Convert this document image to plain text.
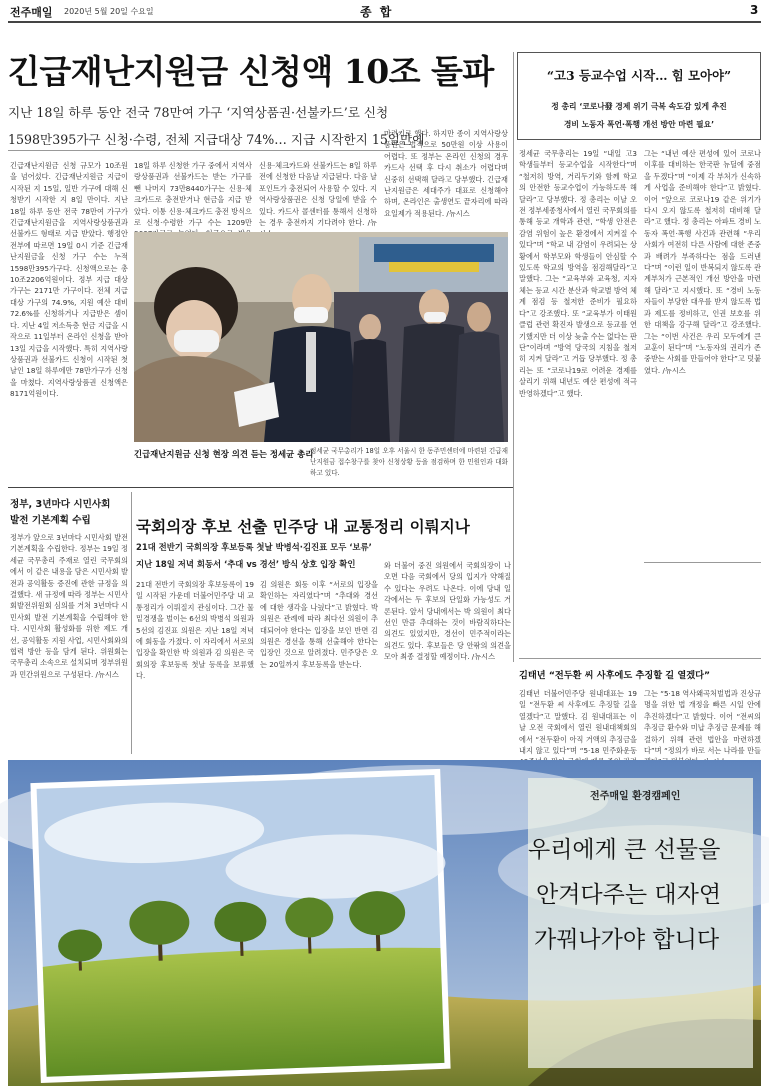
전주매일 2020년 5월 20일 수요일	종 합	3
긴급재난지원금 신청액 10조 돌파
지난 18일 하루 동안 전국 78만여 가구 ‘지역상품권·선불카드’로 신청
1598만395가구 신청·수령, 전체 지급대상 74%… 지급 시작한지 15일만에
긴급재난지원금 신청 규모가 10조원을 넘어섰다. 긴급재난지원금 지급이 시작된 지 15일, 일반 가구에 대해 신청받기 시작한 지 8일 만이다. 지난 18일 하루 동안 전국 78만여 가구가 긴급재난지원금을 지역사랑상품권과 선불카드 형태로 지급 받았다. 행정안전부에 따르면 19일 0시 기준 긴급재난지원금을 신청 가구 수는 누적 1598만395가구다. 신청액으로는 총 10조2206억원이다. 정부 지급 대상 가구는 2171만 가구이다. 전체 지급 대상 가구의 74.9%, 지원 예산 대비 72.6%를 신청하거나 지급받은 셈이다. 지난 4일 저소득층 현금 지급을 시작으로 11일부터 온라인 신청을 받아 13일 지급을 시작했다. 특히 지역사랑상품권과 선불카드 신청이 시작된 첫 날인 18일 하루에만 78만가구가 신청을 마쳤다. 지역사랑상품권 신청액은 8171억원이다.
18일 하루 신청한 가구 중에서 지역사랑상품권과 선불카드는 받는 가구를 뺀 나머지 73만8440가구는 신용·체크카드로 충전받거나 현금을 지급 받았다. 이통 신용·체크카드 충전 방식으로 신청·수령한 가구 수는 1209만
신용·체크카드와 선불카드는 8일 하루 전에 신청한 다음날 지급된다. 다음 날 포인트가 충전되어 사용할 수 있다. 지역사랑상품권은 신청 당일에 받을 수 있다. 카드사 콜센터를 통해서 신청하는 경우 충전까지 기다려야 한다. /뉴
마련키로 했다. 하지만 종이 지역사랑상품권은 법적으로 50만원 이상 사용이 어렵다. 또 정부는 온라인 신청의 경우 카드사 선택 후 다시 취소가 어렵다며 신중히 선택해 달라고 당부했다. 긴급재난지원금은 세대주가 대표로 신청해야 하며, 온라인은 출생연도 끝자리에 따라 요일제가 적용된다. /뉴시스
긴급재난지원금 신청 현장 의견 듣는 정세균 총리
정세균 국무총리가 18일 오후 서울시 한 동주민센터에 마련된 긴급재난지원금 접수창구를 찾아 신청상황 등을 점검하며 한 민원인과 대화하고 있다.
“고3 등교수업 시작… 힘 모아야”
정 총리 ‘코로나發 경제 위기 극복 속도감 있게 추진
경비 노동자 폭언·폭행 개선 방안 마련 필요’
정세균 국무총리는 19일 “내일 고3 학생들부터 등교수업을 시작한다”며 “철저히 방역, 거리두기와 함께 학교의 안전한 등교수업이 가능하도록 해달라”고 당부했다. 정 총리는 이날 오전 정부세종청사에서 열린 국무회의를 통해 등교 개학과 관련, “학생 안전은 감염 위험이 높은 환경에서 지켜질 수 있다”며 “학교 내 감염이 우려되는 상황에서 학부모와 학생들이 안심할 수 있도록 학교의 방역을 점검해달라”고 말했다. 그는 “교육부와 교육청, 지자체는 등교 시간 분산과 학교별 방역 체계 점검 등 철저한 준비가 필요하다”고 강조했다. 또 “교육부가 이태원 클럽 관련 확진자 발생으로 등교를 연기했지만 더 이상 늦출 수는 없다는 판단”이라며 “방역 당국의 지침을 철저히 지켜 달라”고 거듭 당부했다. 정 총리는 또 “코로나19로 어려운 경제를 살리기 위해 내년도 예산 편성에 적극 반영하겠다”고 했다.
그는 “내년 예산 편성에 있어 코로나 이후를 대비하는 한국판 뉴딜에 중점을 두겠다”며 “이제 각 부처가 신속하게 사업을 준비해야 한다”고 밝혔다. 이어 “앞으로 코로나19 같은 위기가 다시 오지 않도록 철저히 대비해 달라”고 했다. 정 총리는 아파트 경비 노동자 폭언·폭행 사건과 관련해 “우리 사회가 여전히 다른 사람에 대한 존중과 배려가 부족하다는 점을 드러낸다”며 “이런 일이 반복되지 않도록 관계부처가 근본적인 개선 방안을 마련해 달라”고 지시했다. 또 “경비 노동자들이 부당한 대우를 받지 않도록 법과 제도를 정비하고, 인권 보호를 위한 대책을 강구해 달라”고 강조했다. 그는 “이번 사건은 우리 모두에게 큰 교훈이 된다”며 “노동자의 권리가 존중받는 사회를 만들어야 한다”고 덧붙였다. /뉴시스
정부, 3년마다 시민사회
발전 기본계획 수립
정부가 앞으로 3년마다 시민사회 발전 기본계획을 수립한다. 정부는 19일 정세균 국무총리 주재로 열린 국무회의에서 이 같은 내용을 담은 시민사회 발전과 공익활동 증진에 관한 규정을 의결했다. 새 규정에 따라 정부는 시민사회발전위원회 심의를 거쳐 3년마다 시민사회 발전 기본계획을 수립해야 한다. 시민사회 활성화를 위한 제도 개선, 공익활동 지원 사업, 시민사회와의 협력 방안 등을 담게 된다. 위원회는 국무총리 소속으로 설치되며 정부위원과 민간위원으로 구성된다. /뉴시스
국회의장 후보 선출 민주당 내 교통정리 이뤄지나
21대 전반기 국회의장 후보등록 첫날 박병석·김진표 모두 ‘보류’
지난 18일 저녁 회동서 ‘추대 vs 경선’ 방식 상호 입장 확인
21대 전반기 국회의장 후보등록이 19일 시작된 가운데 더불어민주당 내 교통정리가 이뤄질지 관심이다. 그간 물밑경쟁을 벌이는 6선의 박병석 의원과 5선의 김진표 의원은 지난 18일 저녁에 회동을 가졌다. 이 자리에서 서로의 입장을 확인한 박 의원과 김 의원은 국회의장 후보등록 첫날 등록을 보류했다.
김 의원은 회동 이후 “서로의 입장을 확인하는 자리였다”며 “추대와 경선에 대한 생각을 나눴다”고 밝혔다. 박 의원은 관례에 따라 최다선 의원이 추대되어야 한다는 입장을 보인 반면 김 의원은 경선을 통해 선출해야 한다는 입장인 것으로 알려졌다. 민주당은 오는 20일까지 후보등록을 받는다.
와 더불어 중진 의원에서 국회의장이 나오면 다음 국회에서 당의 입지가 약해질 수 있다는 우려도 나온다. 이에 당내 일각에서는 두 후보의 단일화 가능성도 거론된다. 앞서 당내에서는 박 의원이 최다선인 만큼 추대하는 것이 바람직하다는 의견도 있었지만, 경선이 민주적이라는 의견도 있다. 후보들은 당 안팎의 의견을 모아 최종 결정할 예정이다. /뉴시스
김태년 “전두환 씨 사후에도 추징할 길 열겠다”
김태년 더불어민주당 원내대표는 19일 “전두환 씨 사후에도 추징할 길을 열겠다”고 말했다. 김 원내대표는 이날 오전 국회에서 열린 원내대책회의에서 “전두환이 아직 거액의 추징금을 내지 않고 있다”며 “5·18 민주화운동
그는 “5·18 역사왜곡처벌법과 진상규명을 위한 법 개정을 빠른 시일 안에 추진하겠다”고 밝혔다. 이어 “전씨의 추징금 환수와 미납 추징금 문제를 해결하기 위해 관련 법안을 마련하겠다”며 “정의가 바로 서는 나라를 만들
전주매일 환경캠페인
우리에게 큰 선물을
안겨다주는 대자연
가꿔나가야 합니다
